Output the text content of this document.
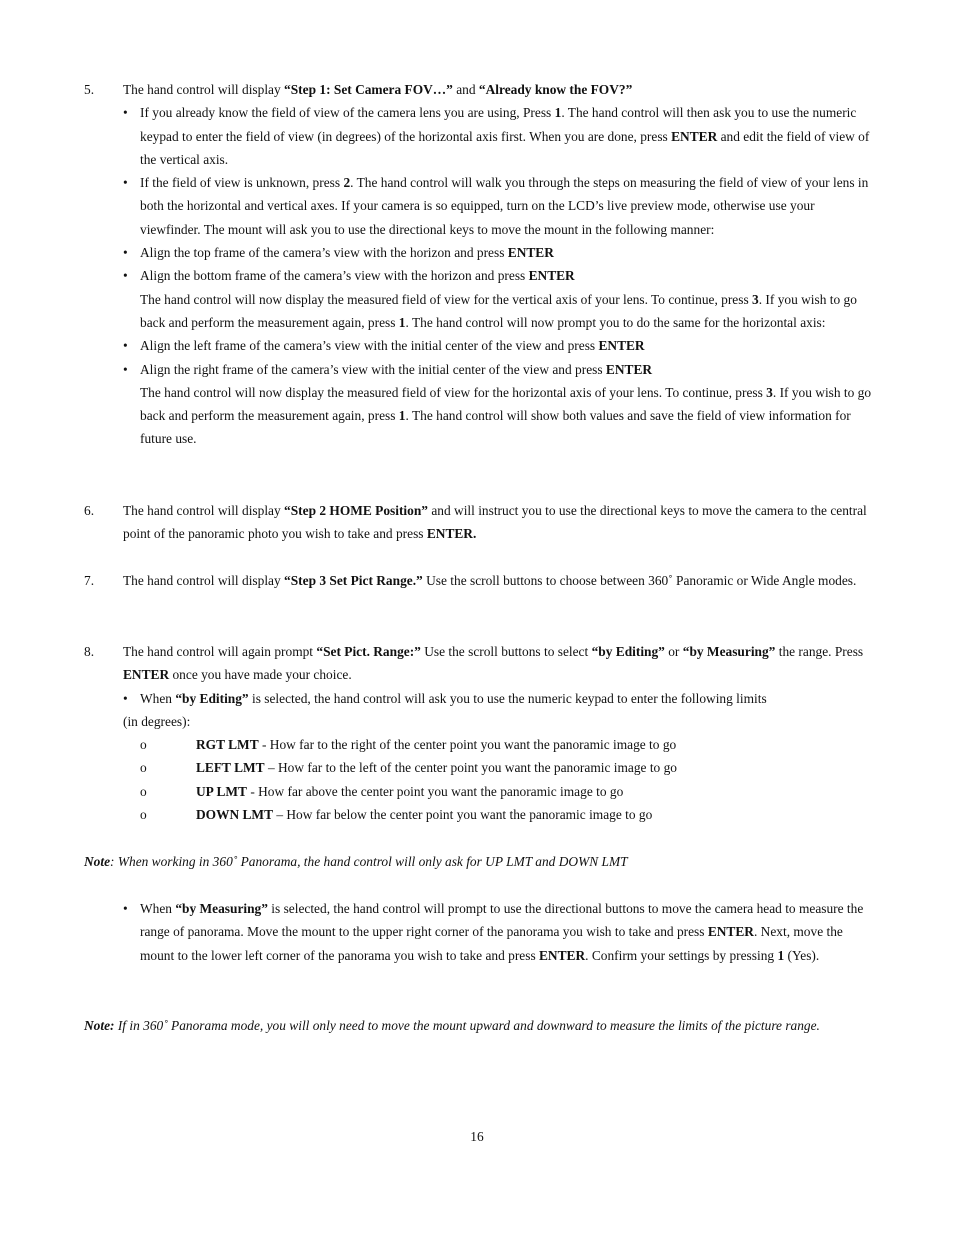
5. The hand control will display “Step 1: Set Camera FOV…” and “Already know the FOV?”
• If you already know the field of view of the camera lens you are using, Press 1. The hand control will then ask you to use the numeric keypad to enter the field of view (in degrees) of the horizontal axis first. When you are done, press ENTER and edit the field of view of the vertical axis.
• If the field of view is unknown, press 2. The hand control will walk you through the steps on measuring the field of view of your lens in both the horizontal and vertical axes. If your camera is so equipped, turn on the LCD’s live preview mode, otherwise use your viewfinder. The mount will ask you to use the directional keys to move the mount in the following manner:
• Align the top frame of the camera’s view with the horizon and press ENTER
• Align the bottom frame of the camera’s view with the horizon and press ENTER
The hand control will now display the measured field of view for the vertical axis of your lens. To continue, press 3. If you wish to go back and perform the measurement again, press 1. The hand control will now prompt you to do the same for the horizontal axis:
• Align the left frame of the camera’s view with the initial center of the view and press ENTER
• Align the right frame of the camera’s view with the initial center of the view and press ENTER
The hand control will now display the measured field of view for the horizontal axis of your lens. To continue, press 3. If you wish to go back and perform the measurement again, press 1. The hand control will show both values and save the field of view information for future use.
6. The hand control will display “Step 2 HOME Position” and will instruct you to use the directional keys to move the camera to the central point of the panoramic photo you wish to take and press ENTER.
7. The hand control will display “Step 3 Set Pict Range.” Use the scroll buttons to choose between 360˚ Panoramic or Wide Angle modes.
8. The hand control will again prompt “Set Pict. Range:” Use the scroll buttons to select “by Editing” or “by Measuring” the range. Press ENTER once you have made your choice.
• When “by Editing” is selected, the hand control will ask you to use the numeric keypad to enter the following limits
(in degrees):
o	RGT LMT - How far to the right of the center point you want the panoramic image to go
o	LEFT LMT – How far to the left of the center point you want the panoramic image to go
o	UP LMT - How far above the center point you want the panoramic image to go
o	DOWN LMT – How far below the center point you want the panoramic image to go
Note: When working in 360˚ Panorama, the hand control will only ask for UP LMT and DOWN LMT
• When “by Measuring” is selected, the hand control will prompt to use the directional buttons to move the camera head to measure the range of panorama. Move the mount to the upper right corner of the panorama you wish to take and press ENTER. Next, move the mount to the lower left corner of the panorama you wish to take and press ENTER. Confirm your settings by pressing 1 (Yes).
Note: If in 360˚ Panorama mode, you will only need to move the mount upward and downward to measure the limits of the picture range.
16
